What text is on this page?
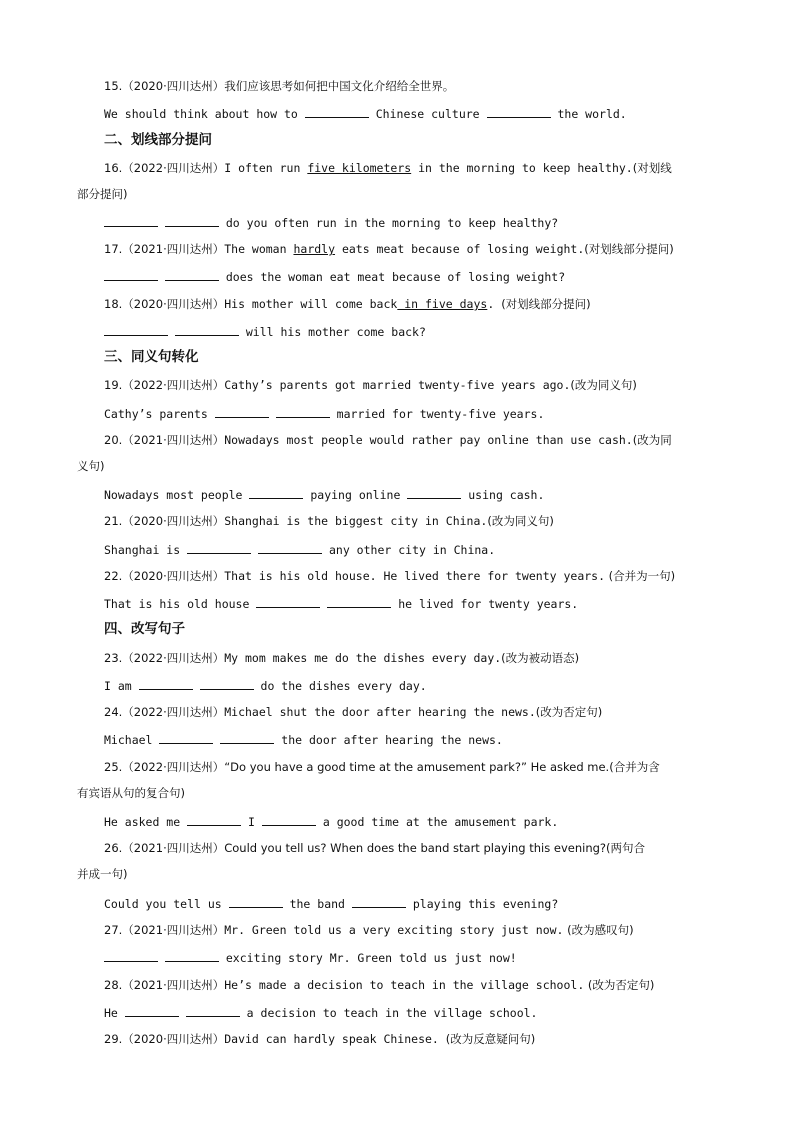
15.（2020·四川达州）我们应该思考如何把中国文化介绍给全世界。
We should think about how to	Chinese culture	the world.
二、划线部分提问
16.（2022·四川达州）I often run five kilometers in the morning to keep healthy.(对划线
部分提问)
do you often run in the morning to keep healthy?
17.（2021·四川达州）The woman hardly eats meat because of losing weight.(对划线部分提问)
does the woman eat meat because of losing weight?
18.（2020·四川达州）His mother will come back in five days. (对划线部分提问)
will his mother come back?
三、同义句转化
19.（2022·四川达州）Cathy’s parents got married twenty-five years ago.(改为同义句)
Cathy’s parents	married for twenty-five years.
20.（2021·四川达州）Nowadays most people would rather pay online than use cash.(改为同
义句)
Nowadays most people	paying online	using cash.
21.（2020·四川达州）Shanghai is the biggest city in China.(改为同义句)
Shanghai is	any other city in China.
22.（2020·四川达州）That is his old house. He lived there for twenty years. (合并为一句)
That is his old house	he lived for twenty years.
四、改写句子
23.（2022·四川达州）My mom makes me do the dishes every day.(改为被动语态)
I am	do the dishes every day.
24.（2022·四川达州）Michael shut the door after hearing the news.(改为否定句)
Michael	the door after hearing the news.
25.（2022·四川达州）“Do you have a good time at the amusement park?” He asked me.(合并为含
有宾语从句的复合句)
He asked me	I	a good time at the amusement park.
26.（2021·四川达州）Could you tell us? When does the band start playing this evening?(两句合
并成一句)
Could you tell us	the band	playing this evening?
27.（2021·四川达州）Mr. Green told us a very exciting story just now. (改为感叹句)
exciting story Mr. Green told us just now!
28.（2021·四川达州）He’s made a decision to teach in the village school. (改为否定句)
He	a decision to teach in the village school.
29.（2020·四川达州）David can hardly speak Chinese. (改为反意疑问句)
